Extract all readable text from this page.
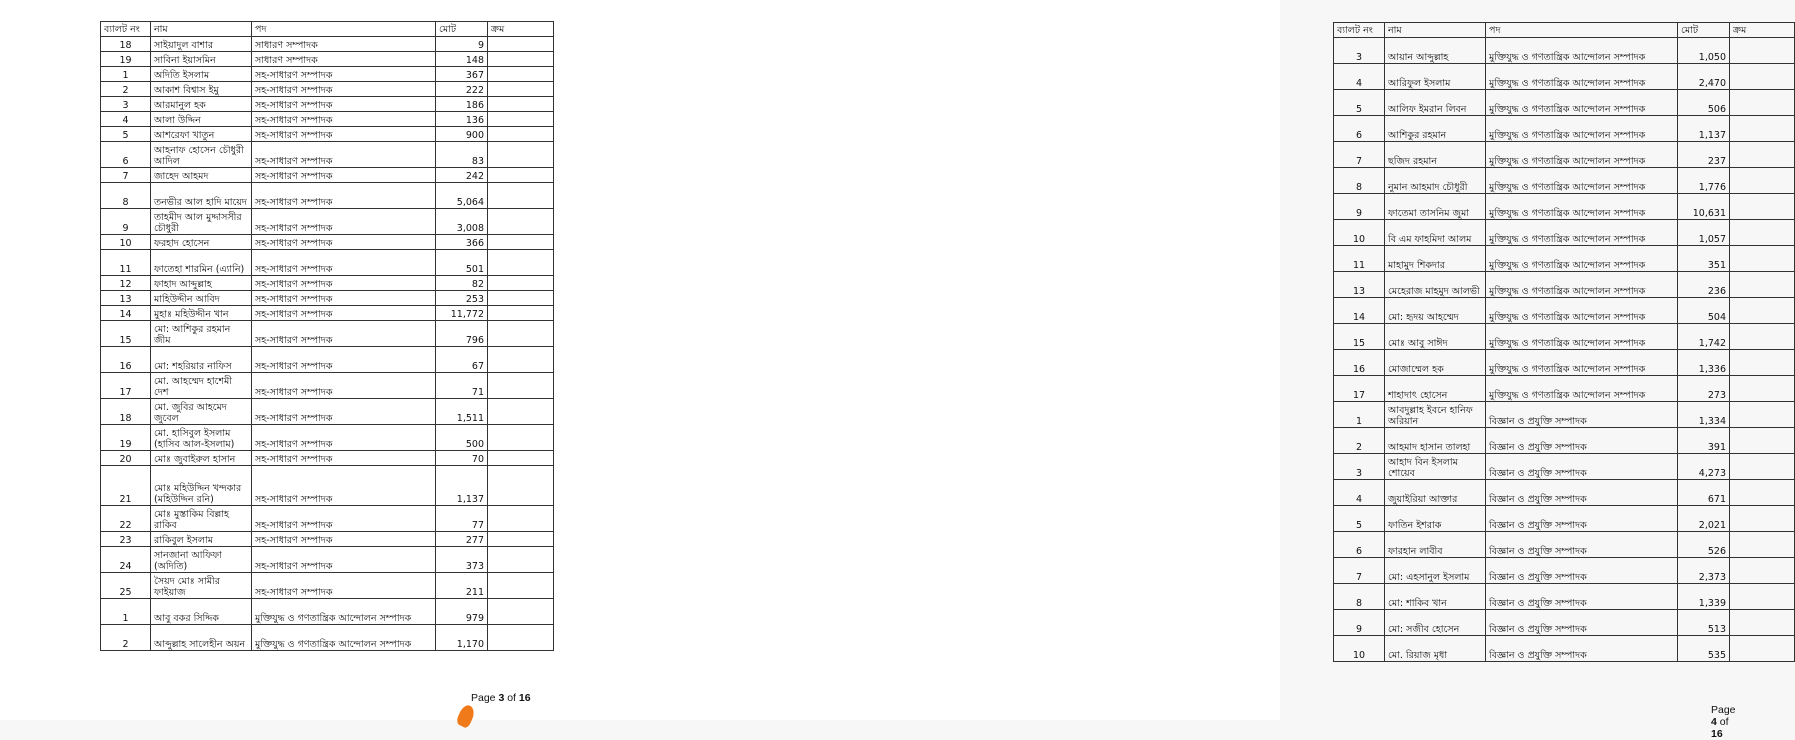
ব্যালট নং	নাম	পদ	মোট	ক্রম
18	সাইয়াদুল বাশার	সাধারণ সম্পাদক	9	
19	সাবিনা ইয়াসমিন	সাধারণ সম্পাদক	148	
1	অদিতি ইসলাম	সহ-সাধারণ সম্পাদক	367	
2	আকাশ বিশ্বাস ইমু	সহ-সাধারণ সম্পাদক	222	
3	আরমানুল হক	সহ-সাধারণ সম্পাদক	186	
4	আলা উদ্দিন	সহ-সাধারণ সম্পাদক	136	
5	আশরেফা খাতুন	সহ-সাধারণ সম্পাদক	900	
6	আহনাফ হোসেন চৌধুরী আদিল	সহ-সাধারণ সম্পাদক	83	
7	জাহেদ আহমদ	সহ-সাধারণ সম্পাদক	242	
8	তনভীর আল হাদি মায়েদ	সহ-সাধারণ সম্পাদক	5,064	
9	তাহমীদ আল মুদ্দাসসীর চৌধুরী	সহ-সাধারণ সম্পাদক	3,008	
10	ফরহাদ হোসেন	সহ-সাধারণ সম্পাদক	366	
11	ফাতেহা শারমিন (এ্যানি)	সহ-সাধারণ সম্পাদক	501	
12	ফাহাদ আব্দুল্লাহ	সহ-সাধারণ সম্পাদক	82	
13	মাহিউদ্দীন আবিদ	সহ-সাধারণ সম্পাদক	253	
14	মুহাঃ মহিউদ্দীন খান	সহ-সাধারণ সম্পাদক	11,772	
15	মো: আশিকুর রহমান জীম	সহ-সাধারণ সম্পাদক	796	
16	মো: শহরিয়ার নাফিস	সহ-সাধারণ সম্পাদক	67	
17	মো. আহম্মেদ হাশেমী দেশ	সহ-সাধারণ সম্পাদক	71	
18	মো. জুবির আহমেদ জুবেল	সহ-সাধারণ সম্পাদক	1,511	
19	মো. হাসিবুল ইসলাম (হাসিব আল-ইসলাম)	সহ-সাধারণ সম্পাদক	500	
20	মোঃ জুবাইরুল হাসান	সহ-সাধারণ সম্পাদক	70	
21	মোঃ মহিউদ্দিন খন্দকার (মহিউদ্দিন রনি)	সহ-সাধারণ সম্পাদক	1,137	
22	মোঃ মুস্তাকিম বিল্লাহ রাকিব	সহ-সাধারণ সম্পাদক	77	
23	রাকিবুল ইসলাম	সহ-সাধারণ সম্পাদক	277	
24	সানজানা আফিফা (অদিতি)	সহ-সাধারণ সম্পাদক	373	
25	সৈয়দ মোঃ সামীর ফাইয়াজ	সহ-সাধারণ সম্পাদক	211	
1	আবু বকর সিদ্দিক	মুক্তিযুদ্ধ ও গণতান্ত্রিক আন্দোলন সম্পাদক	979	
2	আব্দুল্লাহ সালেহীন অয়ন	মুক্তিযুদ্ধ ও গণতান্ত্রিক আন্দোলন সম্পাদক	1,170	
Page 3 of 16
ব্যালট নং	নাম	পদ	মোট	ক্রম
3	আয়ান আব্দুল্লাহ	মুক্তিযুদ্ধ ও গণতান্ত্রিক আন্দোলন সম্পাদক	1,050	
4	আরিফুল ইসলাম	মুক্তিযুদ্ধ ও গণতান্ত্রিক আন্দোলন সম্পাদক	2,470	
5	আলিফ ইমরান লিবন	মুক্তিযুদ্ধ ও গণতান্ত্রিক আন্দোলন সম্পাদক	506	
6	আশিকুর রহমান	মুক্তিযুদ্ধ ও গণতান্ত্রিক আন্দোলন সম্পাদক	1,137	
7	ছজিদ রহমান	মুক্তিযুদ্ধ ও গণতান্ত্রিক আন্দোলন সম্পাদক	237	
8	নুমান আহমাদ চৌধুরী	মুক্তিযুদ্ধ ও গণতান্ত্রিক আন্দোলন সম্পাদক	1,776	
9	ফাতেমা তাসনিম জুমা	মুক্তিযুদ্ধ ও গণতান্ত্রিক আন্দোলন সম্পাদক	10,631	
10	বি এম ফাহমিদা আলম	মুক্তিযুদ্ধ ও গণতান্ত্রিক আন্দোলন সম্পাদক	1,057	
11	মাহামুদ শিকদার	মুক্তিযুদ্ধ ও গণতান্ত্রিক আন্দোলন সম্পাদক	351	
13	মেহেরাজ মাহমুদ আলভী	মুক্তিযুদ্ধ ও গণতান্ত্রিক আন্দোলন সম্পাদক	236	
14	মো: হৃদয় আহম্মেদ	মুক্তিযুদ্ধ ও গণতান্ত্রিক আন্দোলন সম্পাদক	504	
15	মোঃ আবু সাঈদ	মুক্তিযুদ্ধ ও গণতান্ত্রিক আন্দোলন সম্পাদক	1,742	
16	মোজাম্মেল হক	মুক্তিযুদ্ধ ও গণতান্ত্রিক আন্দোলন সম্পাদক	1,336	
17	শাহাদাৎ হোসেন	মুক্তিযুদ্ধ ও গণতান্ত্রিক আন্দোলন সম্পাদক	273	
1	আবদুল্লাহ ইবনে হানিফ অরিয়ান	বিজ্ঞান ও প্রযুক্তি সম্পাদক	1,334	
2	আহমাদ হাসান তালহা	বিজ্ঞান ও প্রযুক্তি সম্পাদক	391	
3	আহাদ বিন ইসলাম শোয়েব	বিজ্ঞান ও প্রযুক্তি সম্পাদক	4,273	
4	জুয়াইরিয়া আক্তার	বিজ্ঞান ও প্রযুক্তি সম্পাদক	671	
5	ফাতিন ইশরাক	বিজ্ঞান ও প্রযুক্তি সম্পাদক	2,021	
6	ফারহান লাবীব	বিজ্ঞান ও প্রযুক্তি সম্পাদক	526	
7	মো: এহসানুল ইসলাম	বিজ্ঞান ও প্রযুক্তি সম্পাদক	2,373	
8	মো: শাকিব খান	বিজ্ঞান ও প্রযুক্তি সম্পাদক	1,339	
9	মো: সজীব হোসেন	বিজ্ঞান ও প্রযুক্তি সম্পাদক	513	
10	মো. রিয়াজ মৃধা	বিজ্ঞান ও প্রযুক্তি সম্পাদক	535	
Page 4 of 16
